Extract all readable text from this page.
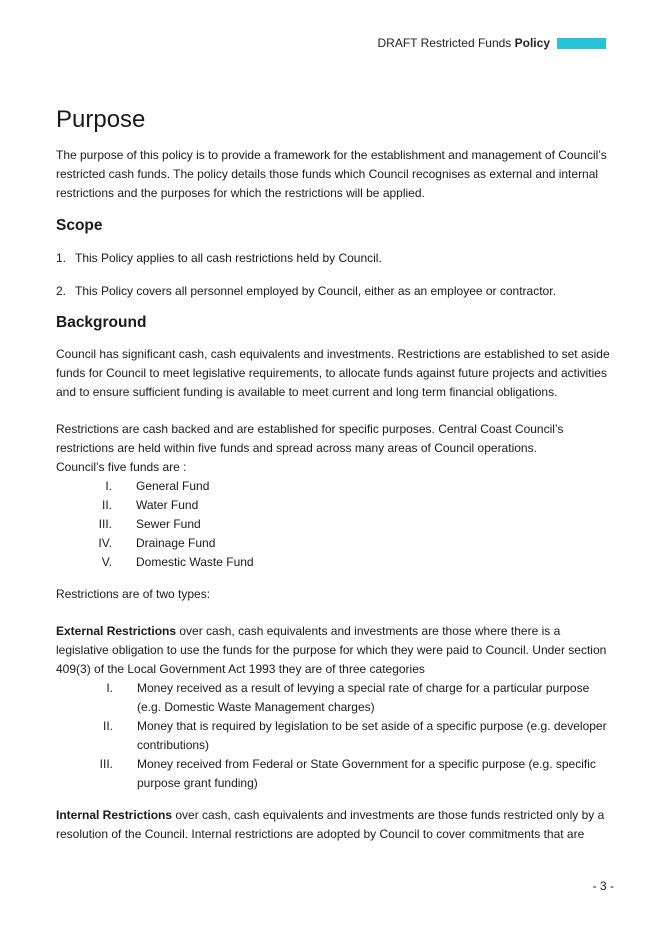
DRAFT Restricted Funds Policy
Purpose

The purpose of this policy is to provide a framework for the establishment and management of Council’s restricted cash funds. The policy details those funds which Council recognises as external and internal restrictions and the purposes for which the restrictions will be applied.

Scope
1. This Policy applies to all cash restrictions held by Council.
2. This Policy covers all personnel employed by Council, either as an employee or contractor.
Background

Council has significant cash, cash equivalents and investments. Restrictions are established to set aside funds for Council to meet legislative requirements, to allocate funds against future projects and activities and to ensure sufficient funding is available to meet current and long term financial obligations.

Restrictions are cash backed and are established for specific purposes. Central Coast Council’s restrictions are held within five funds and spread across many areas of Council operations.

Council’s five funds are :

I. General Fund
II. Water Fund
III. Sewer Fund
IV. Drainage Fund
V. Domestic Waste Fund

Restrictions are of two types:

External Restrictions over cash, cash equivalents and investments are those where there is a legislative obligation to use the funds for the purpose for which they were paid to Council. Under section 409(3) of the Local Government Act 1993 they are of three categories

I. Money received as a result of levying a special rate of charge for a particular purpose (e.g. Domestic Waste Management charges)
II. Money that is required by legislation to be set aside of a specific purpose (e.g. developer contributions)
III. Money received from Federal or State Government for a specific purpose (e.g. specific purpose grant funding)

Internal Restrictions over cash, cash equivalents and investments are those funds restricted only by a resolution of the Council. Internal restrictions are adopted by Council to cover commitments that are

- 3 -
